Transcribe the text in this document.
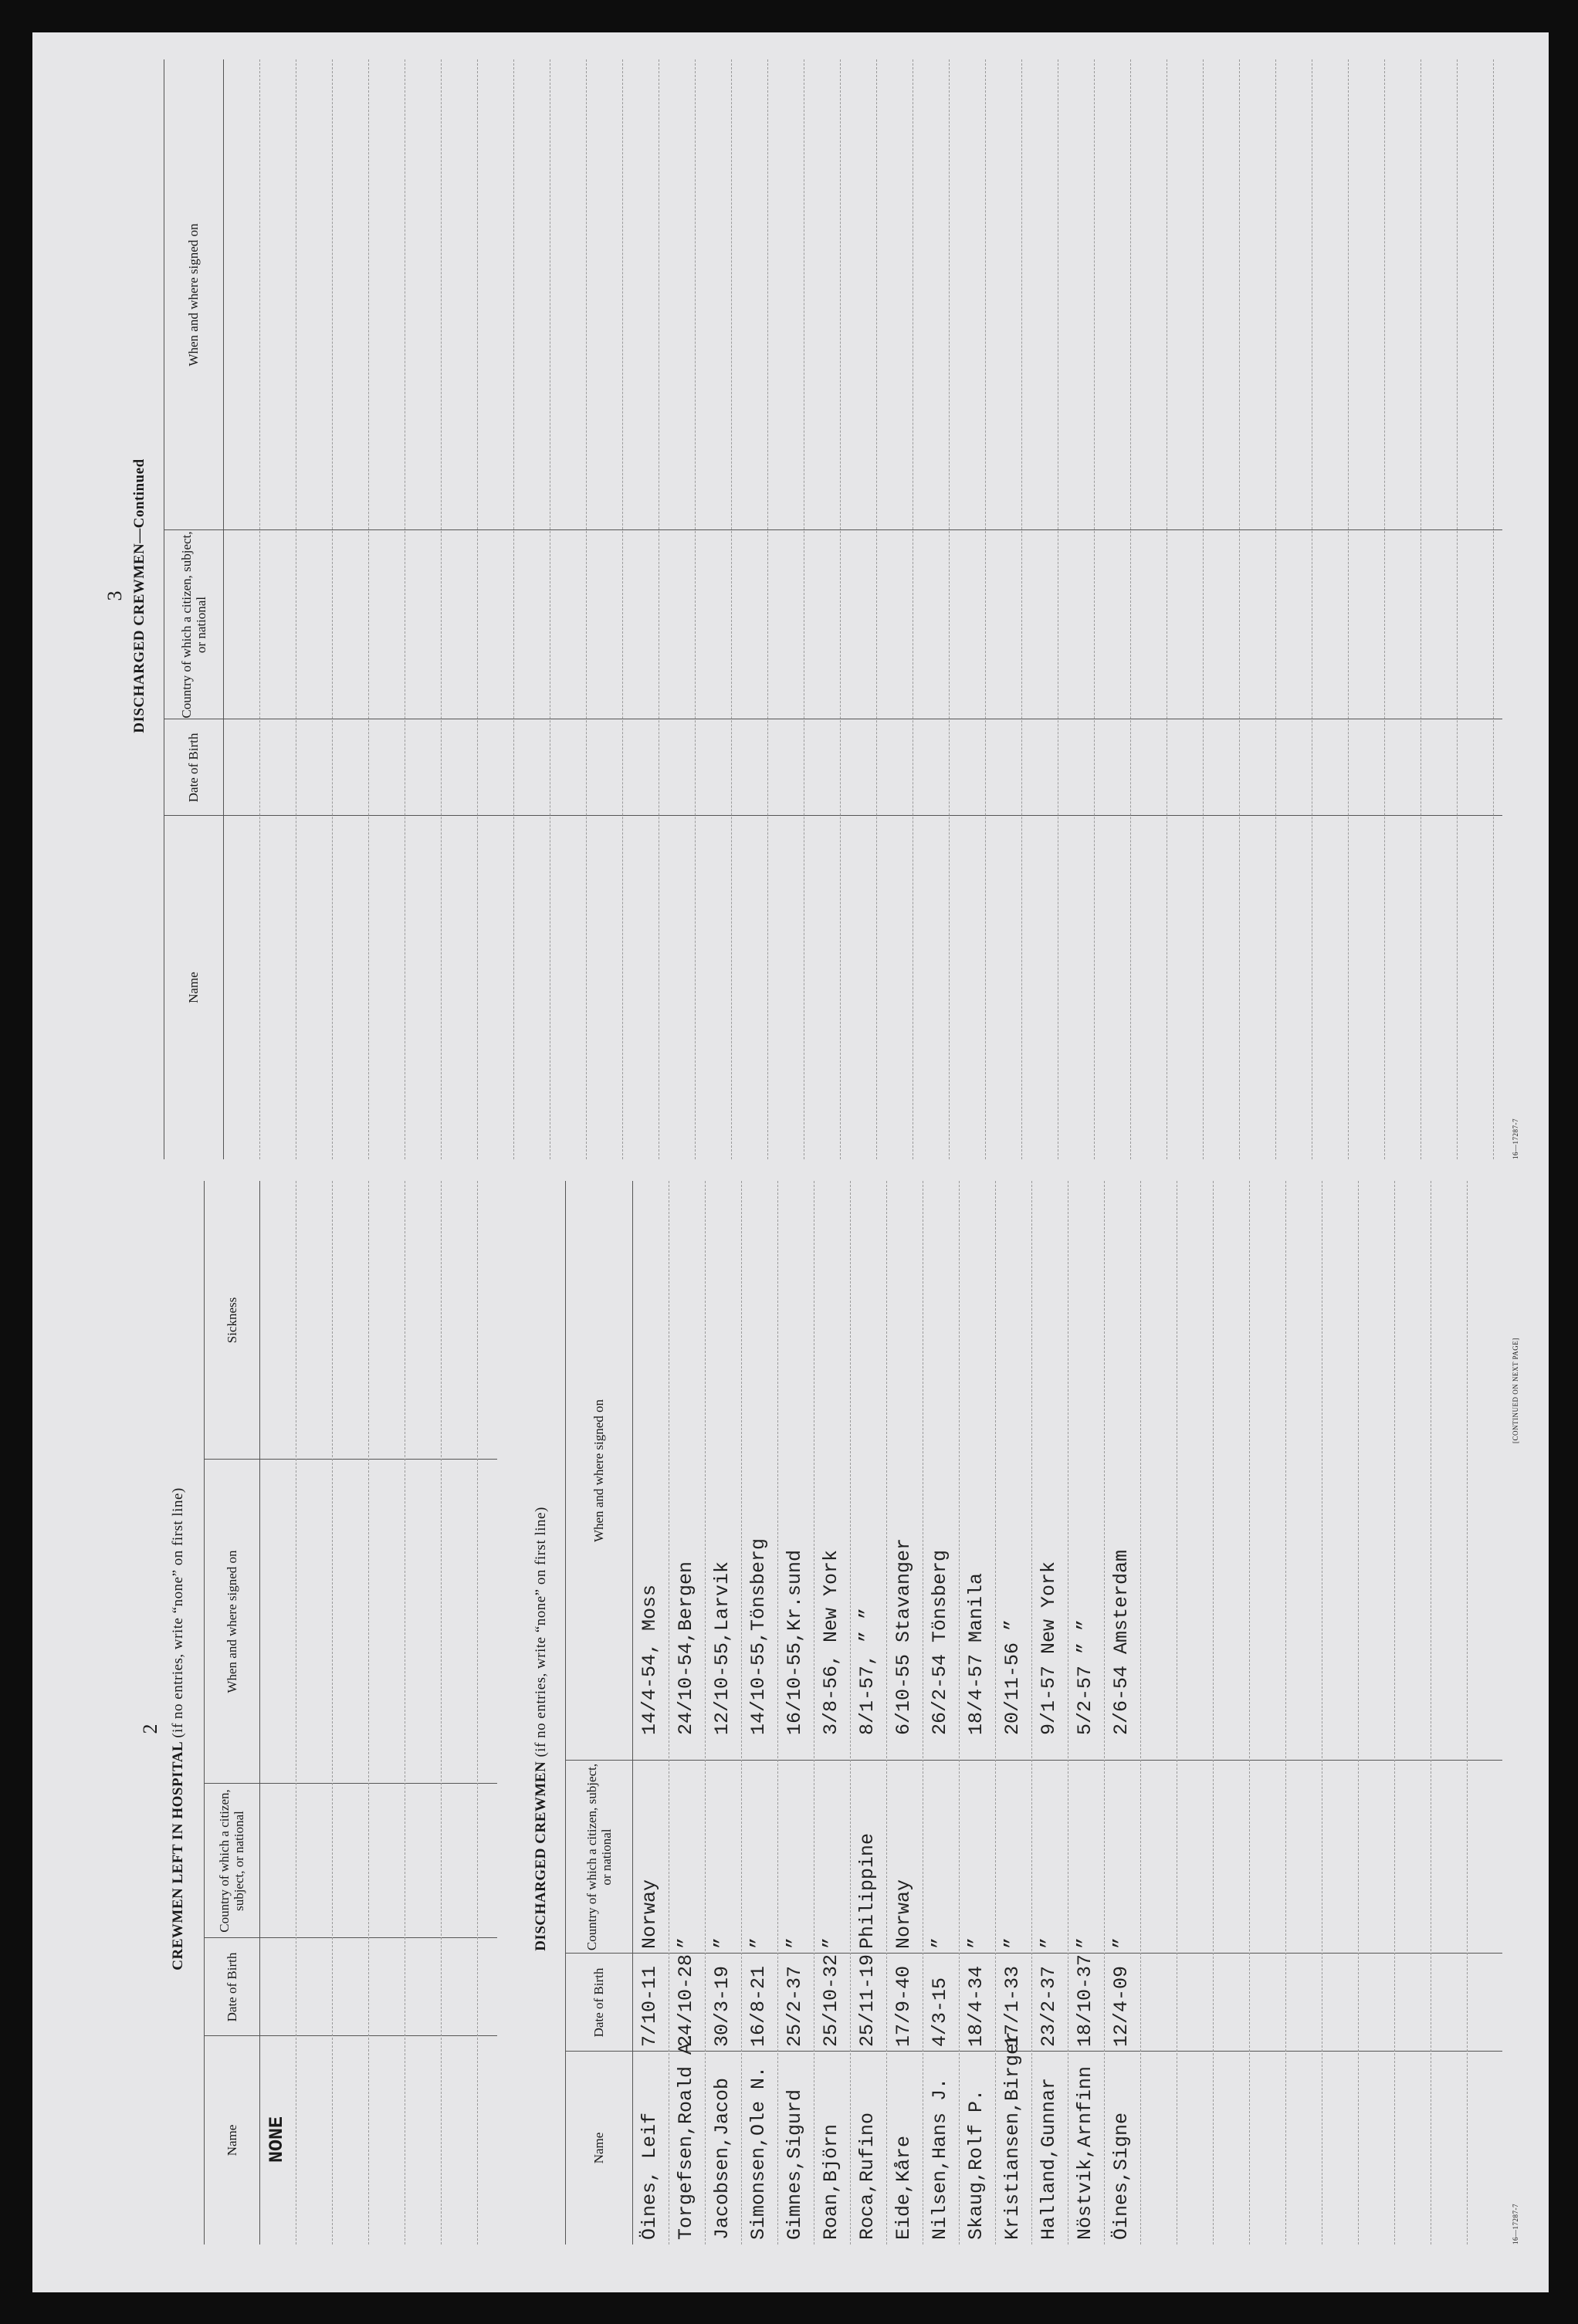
2
CREWMEN LEFT IN HOSPITAL (if no entries, write “none” on first line)
Name
Date of Birth
Country of which a citizen, subject, or national
When and where signed on
Sickness
NONE
DISCHARGED CREWMEN (if no entries, write “none” on first line)
Name
Date of Birth
Country of which a citizen, subject, or national
When and where signed on
Öines, Leif
7/10-11
Norway
14/4-54, Moss
Torgefsen,Roald A.
24/10-28
”
24/10-54,Bergen
Jacobsen,Jacob
30/3-19
”
12/10-55,Larvik
Simonsen,Ole N.
16/8-21
”
14/10-55,Tönsberg
Gimnes,Sigurd
25/2-37
”
16/10-55,Kr.sund
Roan,Björn
25/10-32
”
3/8-56, New York
Roca,Rufino
25/11-19
Philippine
8/1-57, ” ”
Eide,Kåre
17/9-40
Norway
6/10-55 Stavanger
Nilsen,Hans J.
4/3-15
”
26/2-54 Tönsberg
Skaug,Rolf P.
18/4-34
”
18/4-57 Manila
Kristiansen,Birger
17/1-33
”
20/11-56 ”
Halland,Gunnar
23/2-37
”
9/1-57 New York
Nöstvik,Arnfinn
18/10-37
”
5/2-57 ” ”
Öines,Signe
12/4-09
”
2/6-54 Amsterdam
16—17287-7
[CONTINUED ON NEXT PAGE]
3 DISCHARGED CREWMEN—Continued
Name
Date of Birth
Country of which a citizen, subject, or national
When and where signed on
16—17287-7
